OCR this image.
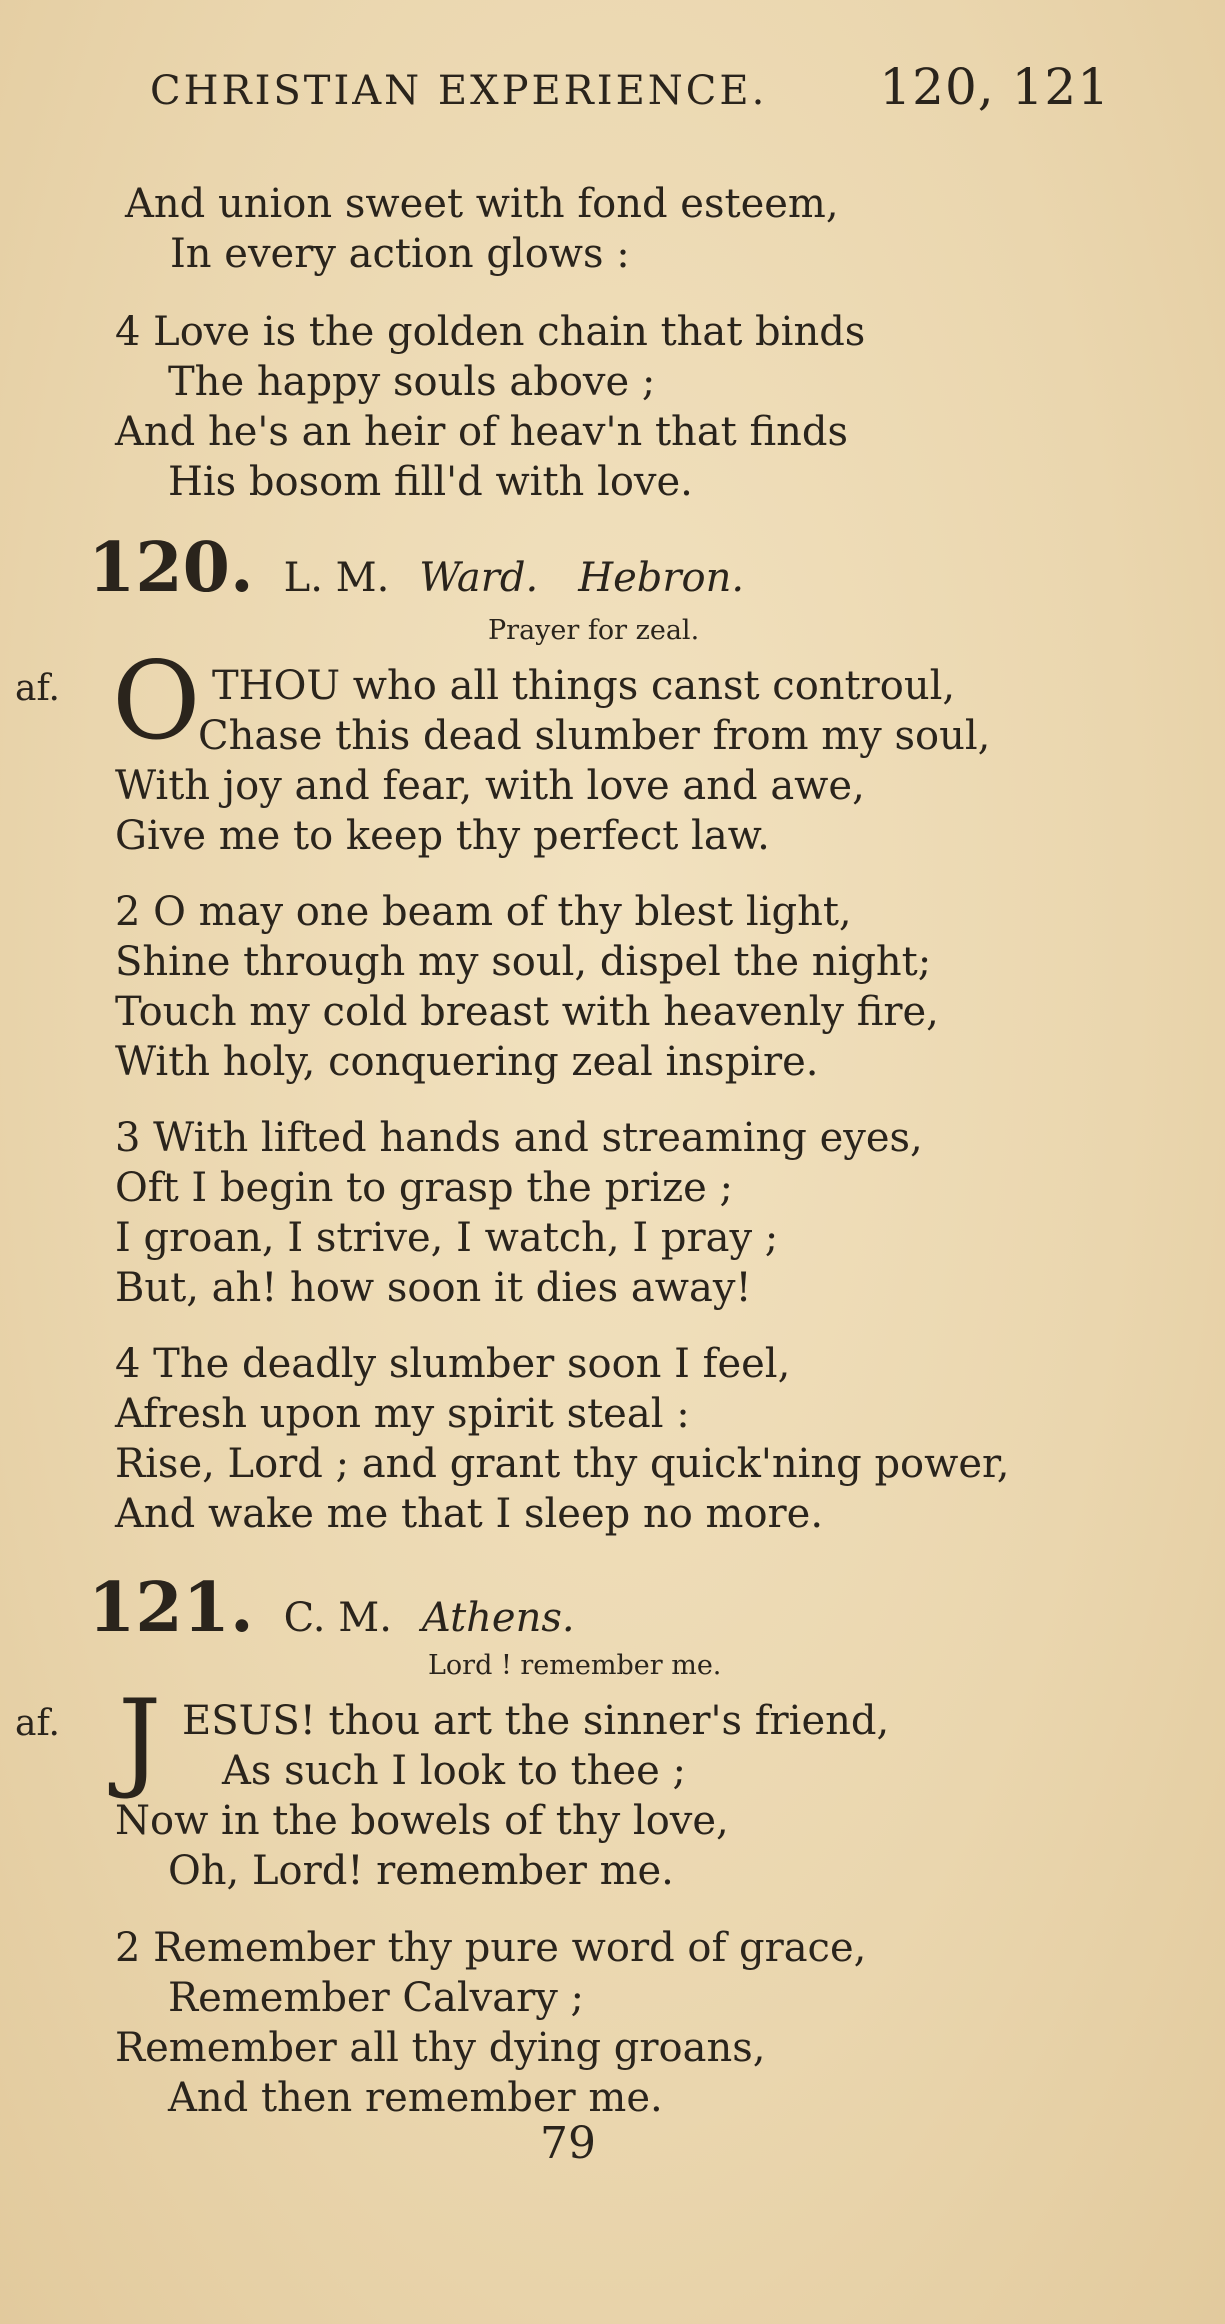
CHRISTIAN EXPERIENCE. 120, 121
And union sweet with fond esteem,
In every action glows :
4 Love is the golden chain that binds
The happy souls above ;
And he's an heir of heav'n that finds
His bosom fill'd with love.
120. L. M. Ward. Hebron.
Prayer for zeal.
af. O THOU who all things canst controul,
Chase this dead slumber from my soul,
With joy and fear, with love and awe,
Give me to keep thy perfect law.
2 O may one beam of thy blest light,
Shine through my soul, dispel the night;
Touch my cold breast with heavenly fire,
With holy, conquering zeal inspire.
3 With lifted hands and streaming eyes,
Oft I begin to grasp the prize ;
I groan, I strive, I watch, I pray ;
But, ah! how soon it dies away!
4 The deadly slumber soon I feel,
Afresh upon my spirit steal :
Rise, Lord ; and grant thy quick'ning power,
And wake me that I sleep no more.
121. C. M. Athens.
Lord ! remember me.
af. J ESUS! thou art the sinner's friend,
As such I look to thee ;
Now in the bowels of thy love,
Oh, Lord! remember me.
2 Remember thy pure word of grace,
Remember Calvary ;
Remember all thy dying groans,
And then remember me.
79
